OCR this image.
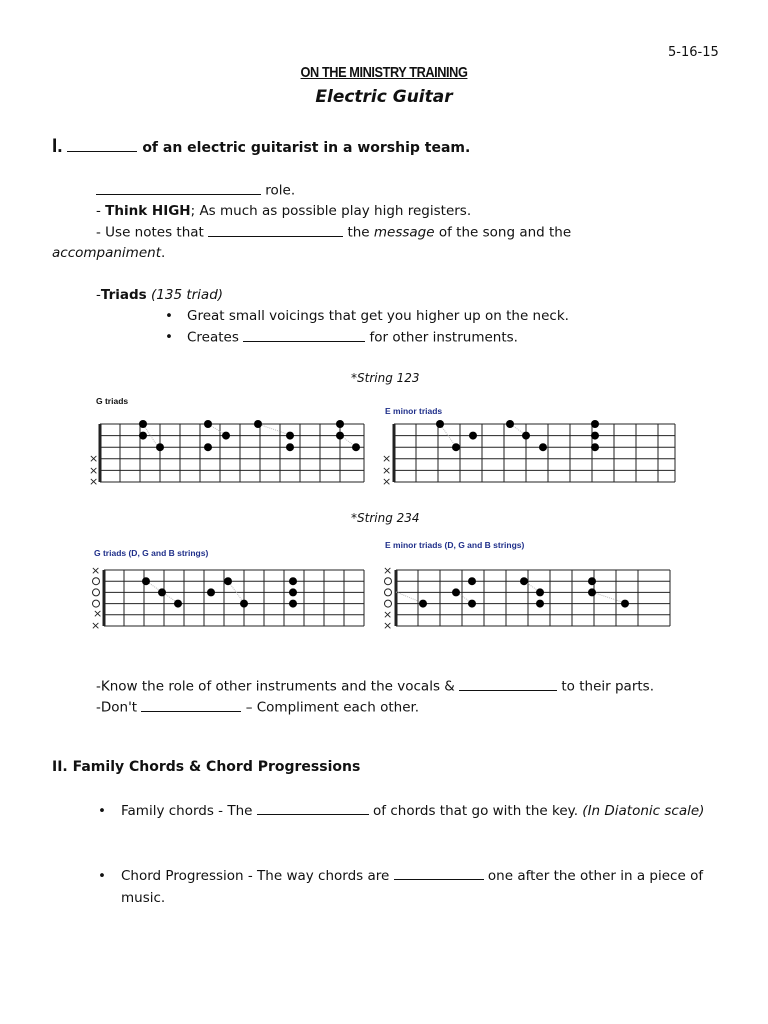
5-16-15
ON THE MINISTRY TRAINING
Electric Guitar
I.	of an electric guitarist in a worship team.
role.
- Think HIGH; As much as possible play high registers.
- Use notes that	the message of the song and the
accompaniment.
-Triads (135 triad)
• Great small voicings that get you higher up on the neck.
• Creates	for other instruments.
*String 123
G triads
×
×
×
E minor triads
×
×
×
*String 234
G triads (D, G and B strings)
×
×
×
E minor triads (D, G and B strings)
×
×
×
-Know the role of other instruments and the vocals &	to their parts.
-Don't	– Compliment each other.
II. Family Chords & Chord Progressions
• Family chords - The	of chords that go with the key. (In Diatonic scale)
• Chord Progression - The way chords are	one after the other in a piece of music.
